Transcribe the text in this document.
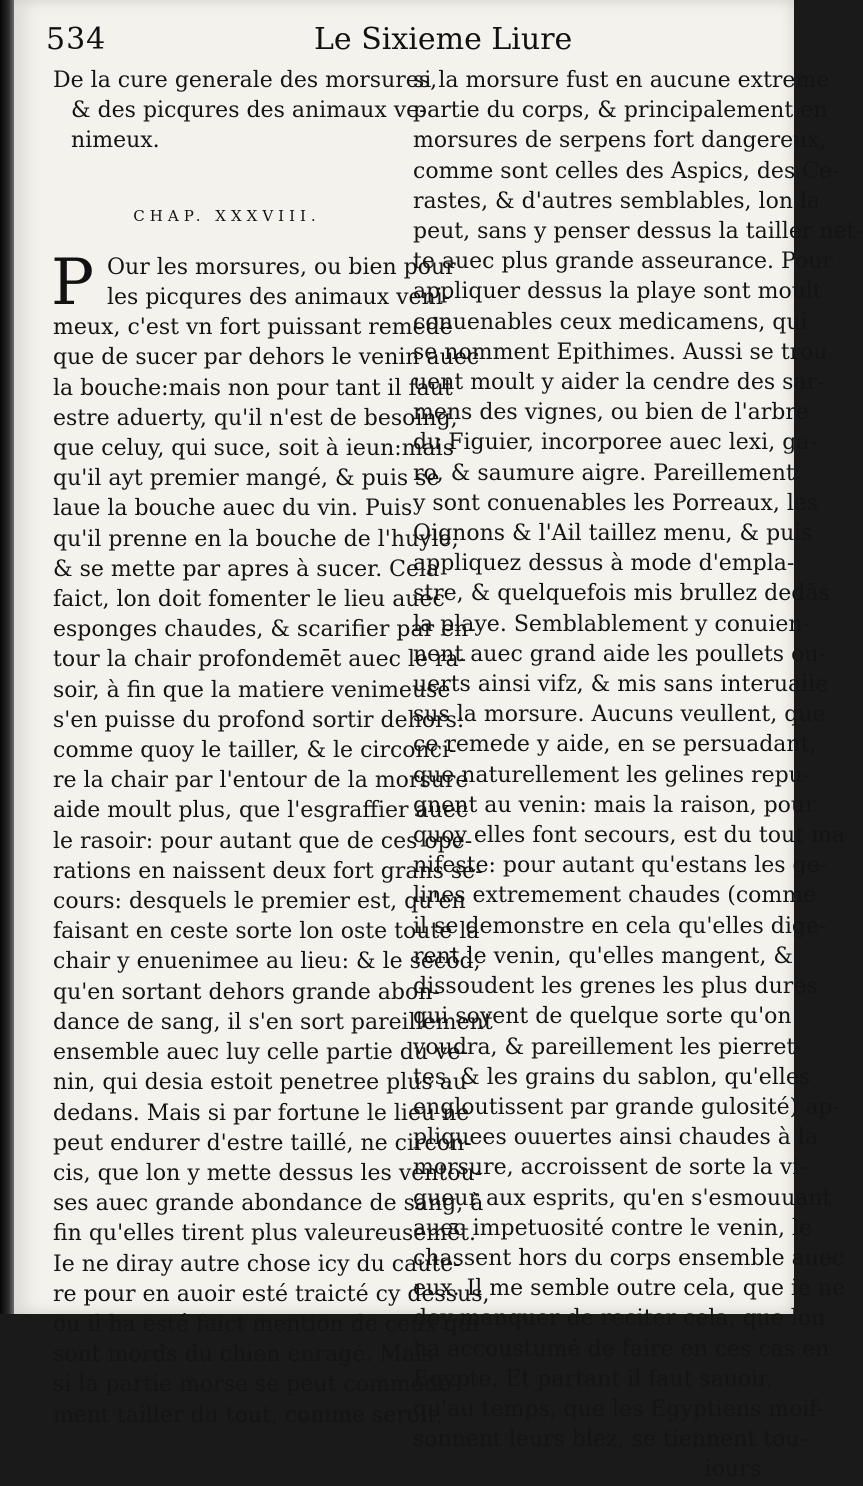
534	Le Sixieme Liure
De la cure generale des morsures,
& des picqures des animaux ve-
nimeux.
CHAP. XXXVIII.
P Our les morsures, ou bien pour
les picqures des animaux veni-
meux, c'est vn fort puissant remede
que de sucer par dehors le venin auec
la bouche:mais non pour tant il faut
estre aduerty, qu'il n'est de besoing,
que celuy, qui suce, soit à ieun:mais
qu'il ayt premier mangé, & puis se
laue la bouche auec du vin. Puis
qu'il prenne en la bouche de l'huyle,
& se mette par apres à sucer. Cela
faict, lon doit fomenter le lieu auec
esponges chaudes, & scarifier par en-
tour la chair profondemēt auec le ra-
soir, à fin que la matiere venimeuse
s'en puisse du profond sortir dehors:
comme quoy le tailler, & le circonci-
re la chair par l'entour de la morsure
aide moult plus, que l'esgraffier auec
le rasoir: pour autant que de ces ope-
rations en naissent deux fort grans se-
cours: desquels le premier est, qu'en
faisant en ceste sorte lon oste toute la
chair y enuenimee au lieu: & le secōd,
qu'en sortant dehors grande abon-
dance de sang, il s'en sort pareillement
ensemble auec luy celle partie du ve-
nin, qui desia estoit penetree plus au
dedans. Mais si par fortune le lieu ne
peut endurer d'estre taillé, ne circon-
cis, que lon y mette dessus les ventou-
ses auec grande abondance de sang, à
fin qu'elles tirent plus valeureusemēt.
Ie ne diray autre chose icy du caute-
re pour en auoir esté traicté cy dessus,
ou il ha esté faict mention de ceux qui
sont mords du chien enragé. Mais
si la partie morse se peut commode-
ment tailler du tout, comme seroit,
si la morsure fust en aucune extreme
partie du corps, & principalement en
morsures de serpens fort dangereux,
comme sont celles des Aspics, des Ce-
rastes, & d'autres semblables, lon la
peut, sans y penser dessus la tailler net-
te auec plus grande asseurance. Pour
appliquer dessus la playe sont moult
conuenables ceux medicamens, qui
se nomment Epithimes. Aussi se trou
uent moult y aider la cendre des sar-
mens des vignes, ou bien de l'arbre
du Figuier, incorporee auec lexi, ga-
ro, & saumure aigre. Pareillement
y sont conuenables les Porreaux, les
Oignons & l'Ail taillez menu, & puis
appliquez dessus à mode d'empla-
stre, & quelquefois mis brullez dedās
la playe. Semblablement y conuien-
nent auec grand aide les poullets ou-
uerts ainsi vifz, & mis sans interualle
sus la morsure. Aucuns veullent, que
ce remede y aide, en se persuadant,
que naturellement les gelines repu-
gnent au venin: mais la raison, pour
quoy elles font secours, est du tout ma
nifeste: pour autant qu'estans les ge-
lines extremement chaudes (comme
il se demonstre en cela qu'elles dige-
rent le venin, qu'elles mangent, &
dissoudent les grenes les plus dures
qui soyent de quelque sorte qu'on
voudra, & pareillement les pierret-
tes, & les grains du sablon, qu'elles
engloutissent par grande gulosité) ap-
pliquees ouuertes ainsi chaudes à la
morsure, accroissent de sorte la vi-
gueur aux esprits, qu'en s'esmouuant
auec impetuosité contre le venin, le
chassent hors du corps ensemble auec
eux. Il me semble outre cela, que ie ne
doy manquer de reciter cela, que lon
ha accoustumé de faire en ces cas en
Egypte. Et partant il faut sauoir,
qu'au temps, que les Egyptiens moif-
sonnent leurs blez, se tiennent tou-
iours
